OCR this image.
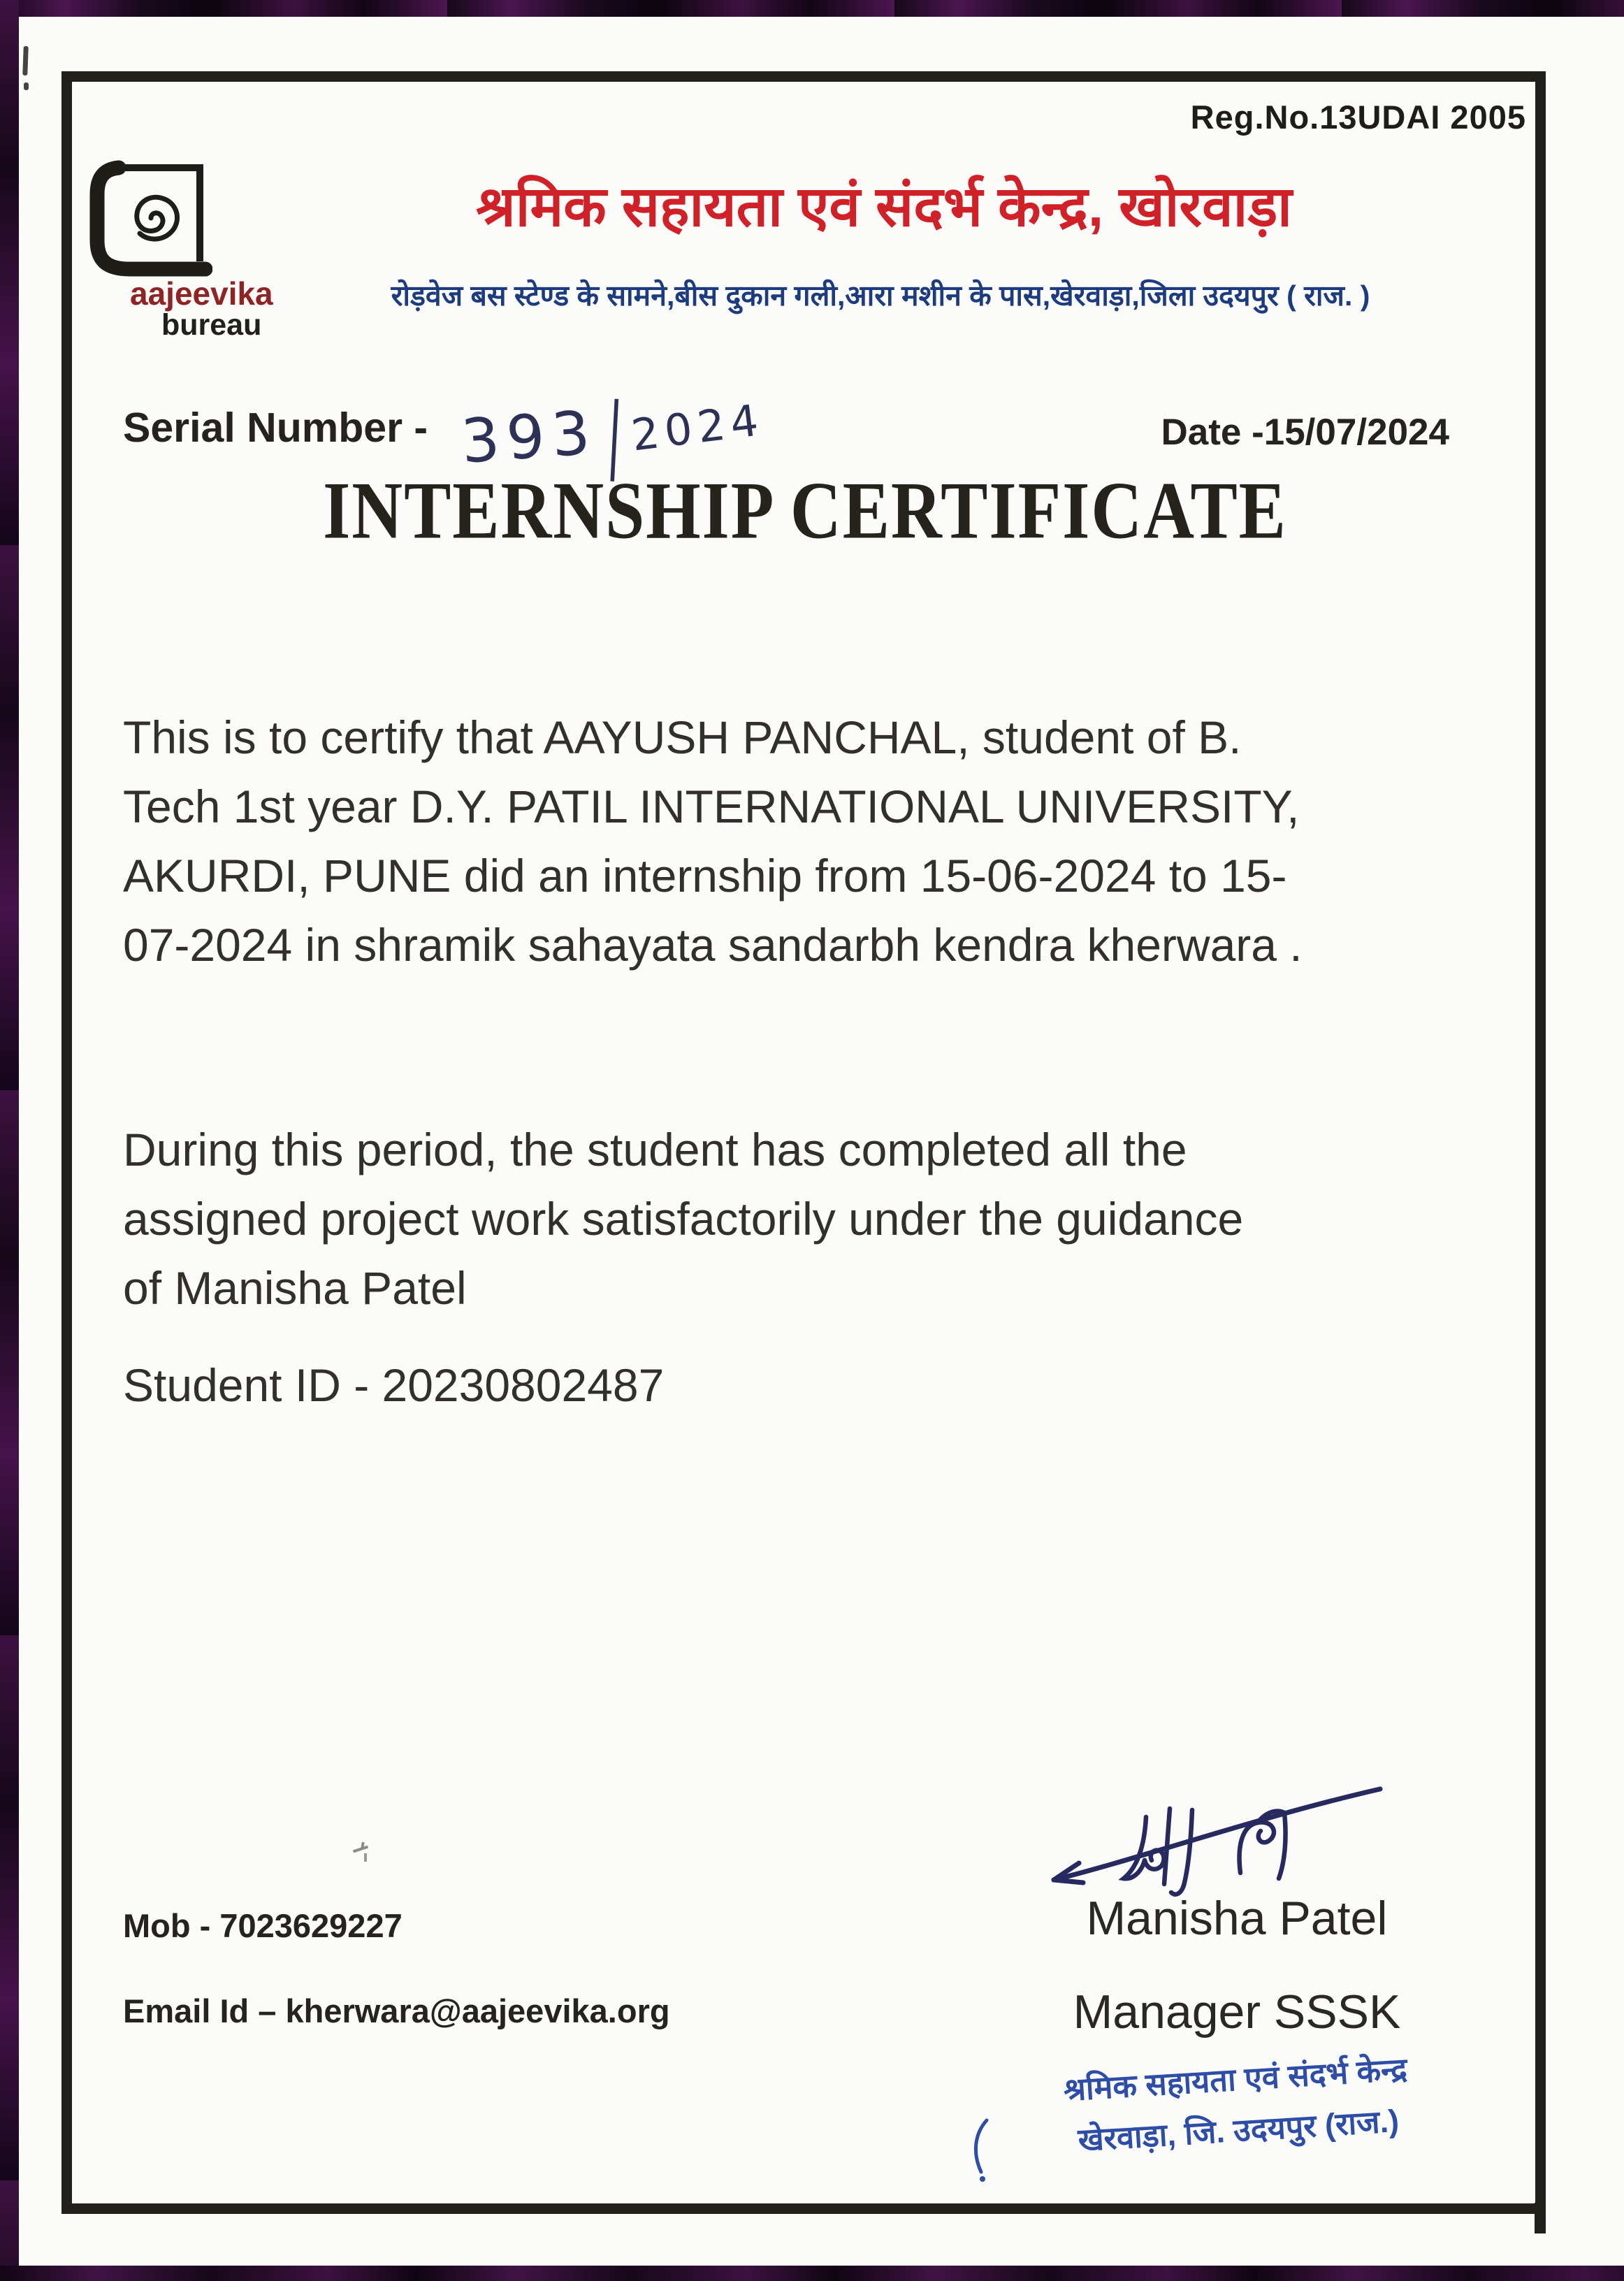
Reg.No.13UDAI 2005
aajeevika
bureau
श्रमिक सहायता एवं संदर्भ केन्द्र, खोरवाड़ा
रोड़वेज बस स्टेण्ड के सामने,बीस दुकान गली,आरा मशीन के पास,खेरवाड़ा,जिला उदयपुर ( राज. )
Serial Number - 393|2024	Date -15/07/2024
INTERNSHIP CERTIFICATE
This is to certify that AAYUSH PANCHAL, student of B.
Tech 1st year D.Y. PATIL INTERNATIONAL UNIVERSITY,
AKURDI, PUNE did an internship from 15-06-2024 to 15-
07-2024 in shramik sahayata sandarbh kendra kherwara .
During this period, the student has completed all the
assigned project work satisfactorily under the guidance
of Manisha Patel
Student ID - 20230802487
Mob - 7023629227
Email Id – kherwara@aajeevika.org
Manisha Patel
Manager SSSK
श्रमिक सहायता एवं संदर्भ केन्द्र
खेरवाड़ा, जि. उदयपुर (राज.)
